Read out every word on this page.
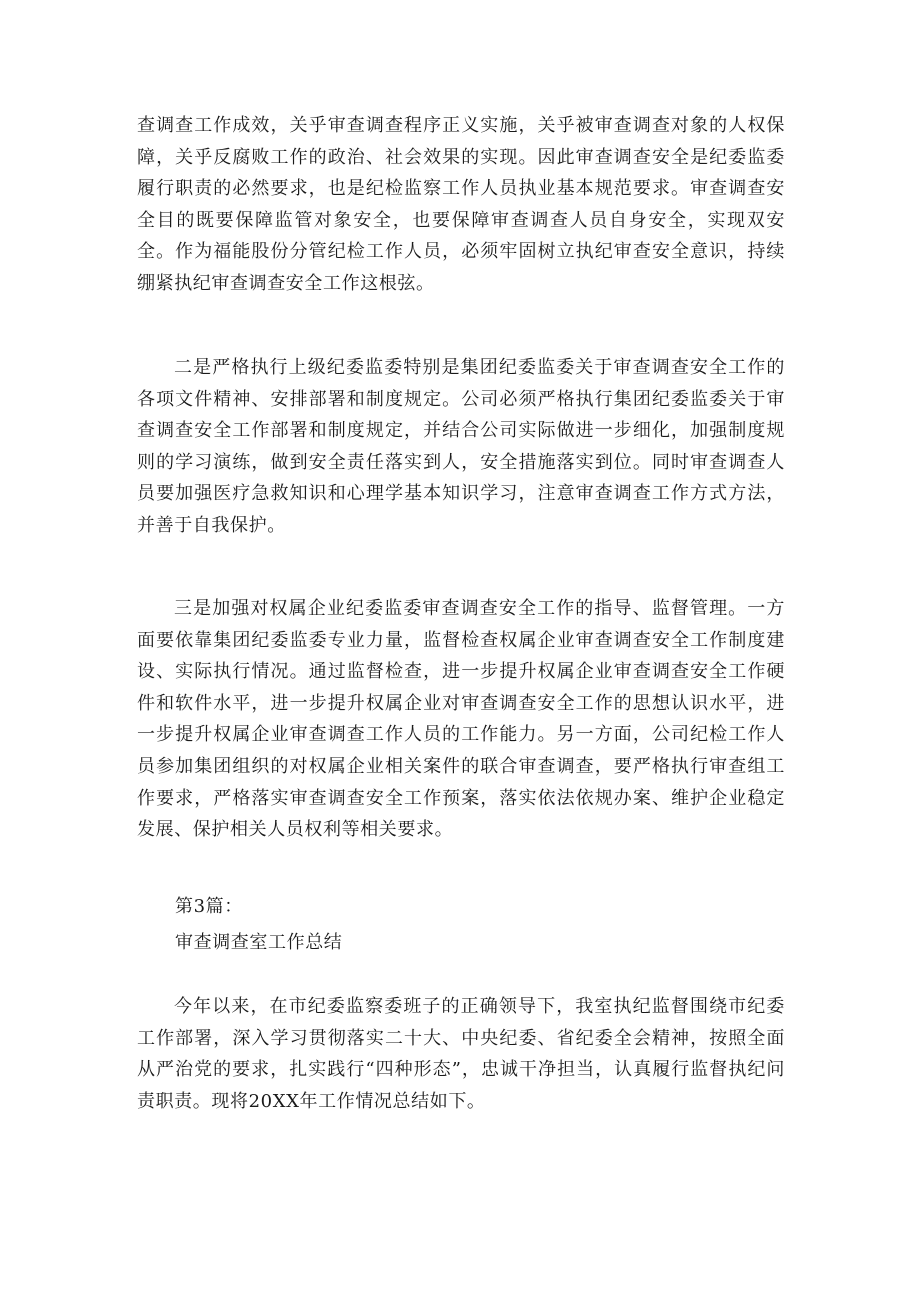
查调查工作成效，关乎审查调查程序正义实施，关乎被审查调查对象的人权保障，关乎反腐败工作的政治、社会效果的实现。因此审查调查安全是纪委监委履行职责的必然要求，也是纪检监察工作人员执业基本规范要求。审查调查安全目的既要保障监管对象安全，也要保障审查调查人员自身安全，实现双安全。作为福能股份分管纪检工作人员，必须牢固树立执纪审查安全意识，持续绷紧执纪审查调查安全工作这根弦。

二是严格执行上级纪委监委特别是集团纪委监委关于审查调查安全工作的各项文件精神、安排部署和制度规定。公司必须严格执行集团纪委监委关于审查调查安全工作部署和制度规定，并结合公司实际做进一步细化，加强制度规则的学习演练，做到安全责任落实到人，安全措施落实到位。同时审查调查人员要加强医疗急救知识和心理学基本知识学习，注意审查调查工作方式方法，并善于自我保护。

三是加强对权属企业纪委监委审查调查安全工作的指导、监督管理。一方面要依靠集团纪委监委专业力量，监督检查权属企业审查调查安全工作制度建设、实际执行情况。通过监督检查，进一步提升权属企业审查调查安全工作硬件和软件水平，进一步提升权属企业对审查调查安全工作的思想认识水平，进一步提升权属企业审查调查工作人员的工作能力。另一方面，公司纪检工作人员参加集团组织的对权属企业相关案件的联合审查调查，要严格执行审查组工作要求，严格落实审查调查安全工作预案，落实依法依规办案、维护企业稳定发展、保护相关人员权利等相关要求。

第3篇：

审查调查室工作总结

今年以来，在市纪委监察委班子的正确领导下，我室执纪监督围绕市纪委工作部署，深入学习贯彻落实二十大、中央纪委、省纪委全会精神，按照全面从严治党的要求，扎实践行“四种形态”，忠诚干净担当，认真履行监督执纪问责职责。现将20XX年工作情况总结如下。
